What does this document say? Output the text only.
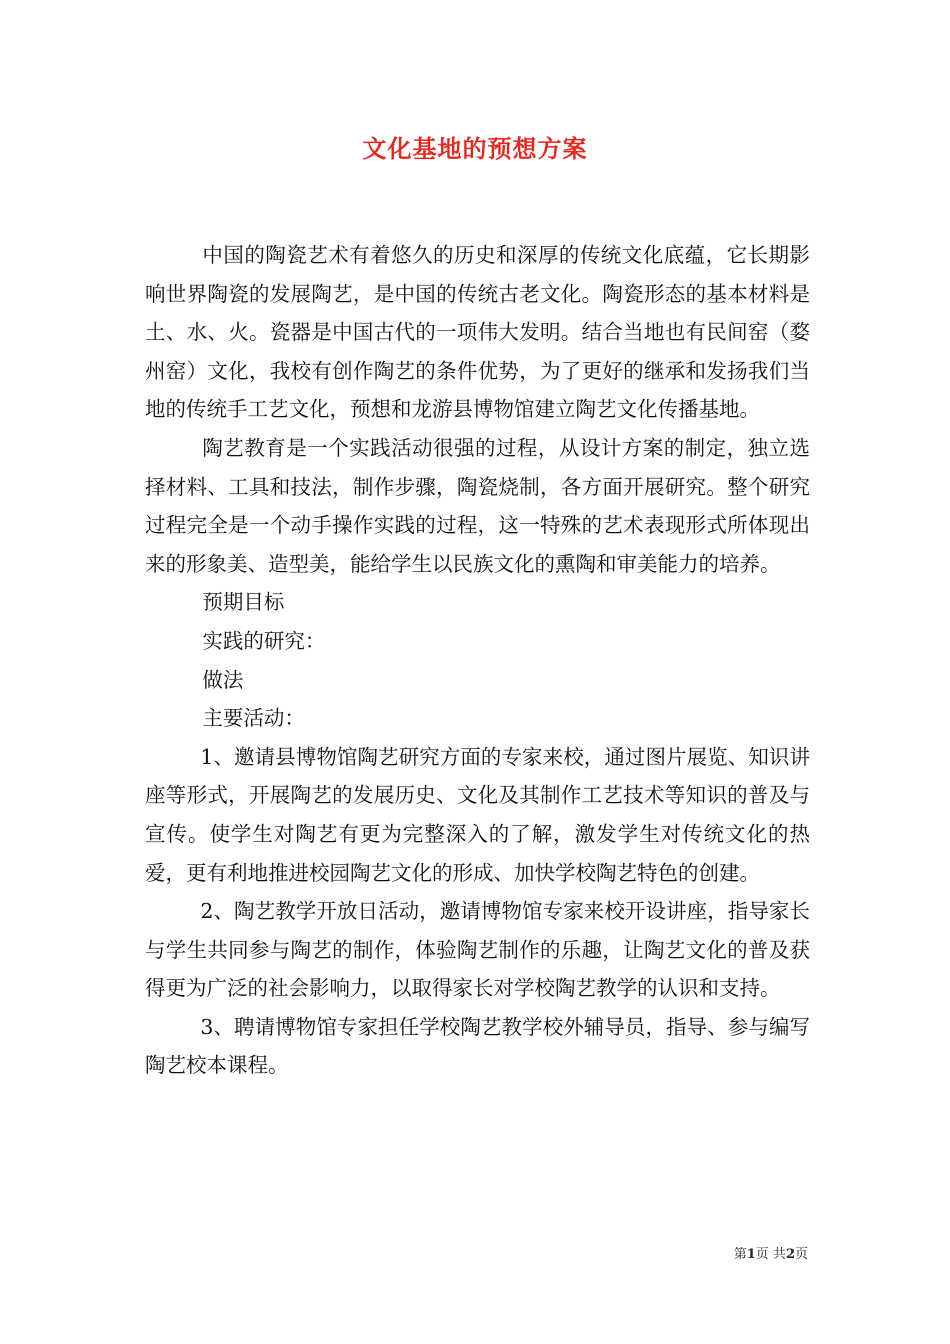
文化基地的预想方案

中国的陶瓷艺术有着悠久的历史和深厚的传统文化底蕴，它长期影响世界陶瓷的发展陶艺，是中国的传统古老文化。陶瓷形态的基本材料是土、水、火。瓷器是中国古代的一项伟大发明。结合当地也有民间窑（婺州窑）文化，我校有创作陶艺的条件优势，为了更好的继承和发扬我们当地的传统手工艺文化，预想和龙游县博物馆建立陶艺文化传播基地。

陶艺教育是一个实践活动很强的过程，从设计方案的制定，独立选择材料、工具和技法，制作步骤，陶瓷烧制，各方面开展研究。整个研究过程完全是一个动手操作实践的过程，这一特殊的艺术表现形式所体现出来的形象美、造型美，能给学生以民族文化的熏陶和审美能力的培养。

预期目标

实践的研究：

做法

主要活动：

1、邀请县博物馆陶艺研究方面的专家来校，通过图片展览、知识讲座等形式，开展陶艺的发展历史、文化及其制作工艺技术等知识的普及与宣传。使学生对陶艺有更为完整深入的了解，激发学生对传统文化的热爱，更有利地推进校园陶艺文化的形成、加快学校陶艺特色的创建。

2、陶艺教学开放日活动，邀请博物馆专家来校开设讲座，指导家长与学生共同参与陶艺的制作，体验陶艺制作的乐趣，让陶艺文化的普及获得更为广泛的社会影响力，以取得家长对学校陶艺教学的认识和支持。

3、聘请博物馆专家担任学校陶艺教学校外辅导员，指导、参与编写陶艺校本课程。

第1页 共2页
